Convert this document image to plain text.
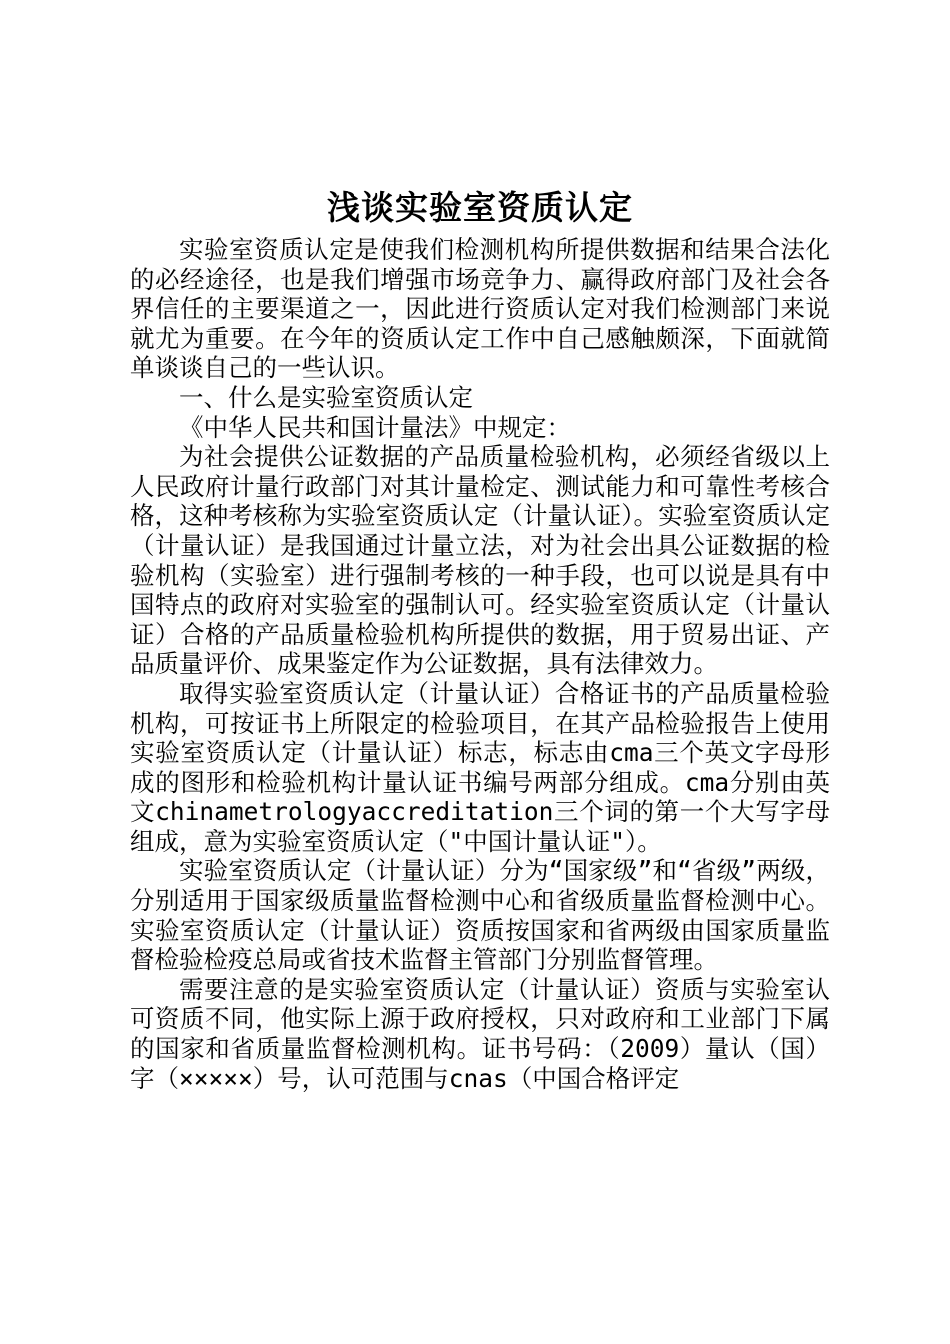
浅谈实验室资质认定

实验室资质认定是使我们检测机构所提供数据和结果合法化的必经途径，也是我们增强市场竞争力、赢得政府部门及社会各界信任的主要渠道之一，因此进行资质认定对我们检测部门来说就尤为重要。在今年的资质认定工作中自己感触颇深，下面就简单谈谈自己的一些认识。

一、什么是实验室资质认定

《中华人民共和国计量法》中规定：

为社会提供公证数据的产品质量检验机构，必须经省级以上人民政府计量行政部门对其计量检定、测试能力和可靠性考核合格，这种考核称为实验室资质认定（计量认证）。实验室资质认定（计量认证）是我国通过计量立法，对为社会出具公证数据的检验机构（实验室）进行强制考核的一种手段，也可以说是具有中国特点的政府对实验室的强制认可。经实验室资质认定（计量认证）合格的产品质量检验机构所提供的数据，用于贸易出证、产品质量评价、成果鉴定作为公证数据，具有法律效力。

取得实验室资质认定（计量认证）合格证书的产品质量检验机构，可按证书上所限定的检验项目，在其产品检验报告上使用实验室资质认定（计量认证）标志，标志由cma三个英文字母形成的图形和检验机构计量认证书编号两部分组成。cma分别由英文chinametrologyaccreditation三个词的第一个大写字母组成，意为实验室资质认定（"中国计量认证"）。

实验室资质认定（计量认证）分为“国家级”和“省级”两级，分别适用于国家级质量监督检测中心和省级质量监督检测中心。实验室资质认定（计量认证）资质按国家和省两级由国家质量监督检验检疫总局或省技术监督主管部门分别监督管理。

需要注意的是实验室资质认定（计量认证）资质与实验室认可资质不同，他实际上源于政府授权，只对政府和工业部门下属的国家和省质量监督检测机构。证书号码：（2009）量认（国）字（×××××）号，认可范围与cnas（中国合格评定
